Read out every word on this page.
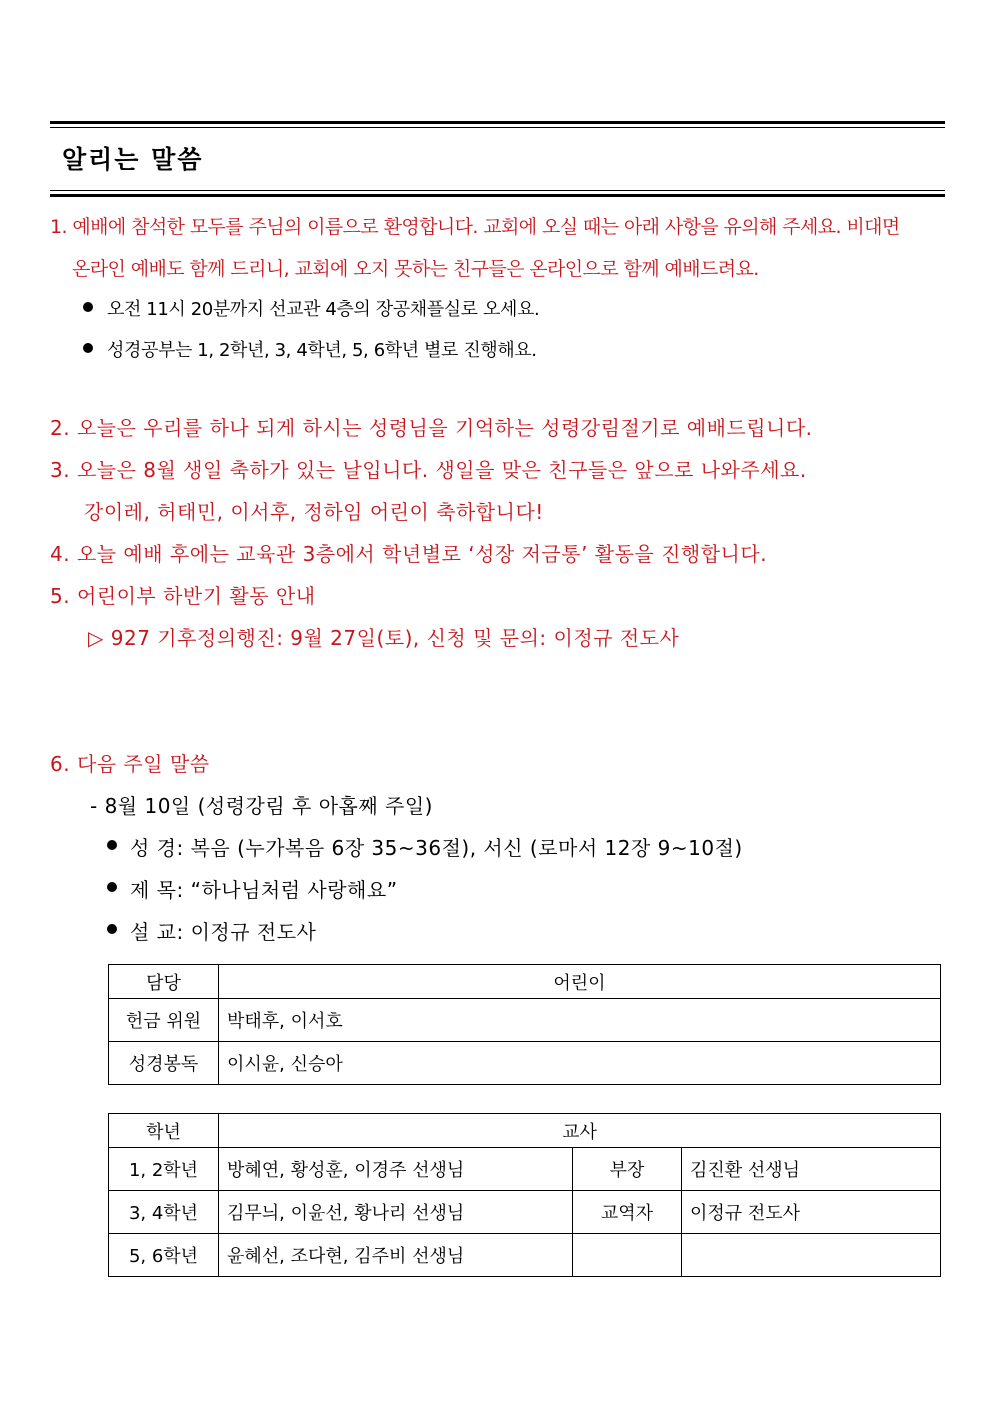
알리는 말씀
1. 예배에 참석한 모두를 주님의 이름으로 환영합니다. 교회에 오실 때는 아래 사항을 유의해 주세요. 비대면
온라인 예배도 함께 드리니, 교회에 오지 못하는 친구들은 온라인으로 함께 예배드려요.
오전 11시 20분까지 선교관 4층의 장공채플실로 오세요.
성경공부는 1, 2학년, 3, 4학년, 5, 6학년 별로 진행해요.
2. 오늘은 우리를 하나 되게 하시는 성령님을 기억하는 성령강림절기로 예배드립니다.
3. 오늘은 8월 생일 축하가 있는 날입니다. 생일을 맞은 친구들은 앞으로 나와주세요.
강이레, 허태민, 이서후, 정하임 어린이 축하합니다!
4. 오늘 예배 후에는 교육관 3층에서 학년별로 ‘성장 저금통’ 활동을 진행합니다.
5. 어린이부 하반기 활동 안내
▷ 927 기후정의행진: 9월 27일(토), 신청 및 문의: 이정규 전도사
6. 다음 주일 말씀
- 8월 10일 (성령강림 후 아홉째 주일)
성 경: 복음 (누가복음 6장 35~36절), 서신 (로마서 12장 9~10절)
제 목: “하나님처럼 사랑해요”
설 교: 이정규 전도사
담당	어린이
헌금 위원	박태후, 이서호
성경봉독	이시윤, 신승아
학년	교사		
1, 2학년	방혜연, 황성훈, 이경주 선생님	부장	김진환 선생님
3, 4학년	김무늬, 이윤선, 황나리 선생님	교역자	이정규 전도사
5, 6학년	윤혜선, 조다현, 김주비 선생님		
